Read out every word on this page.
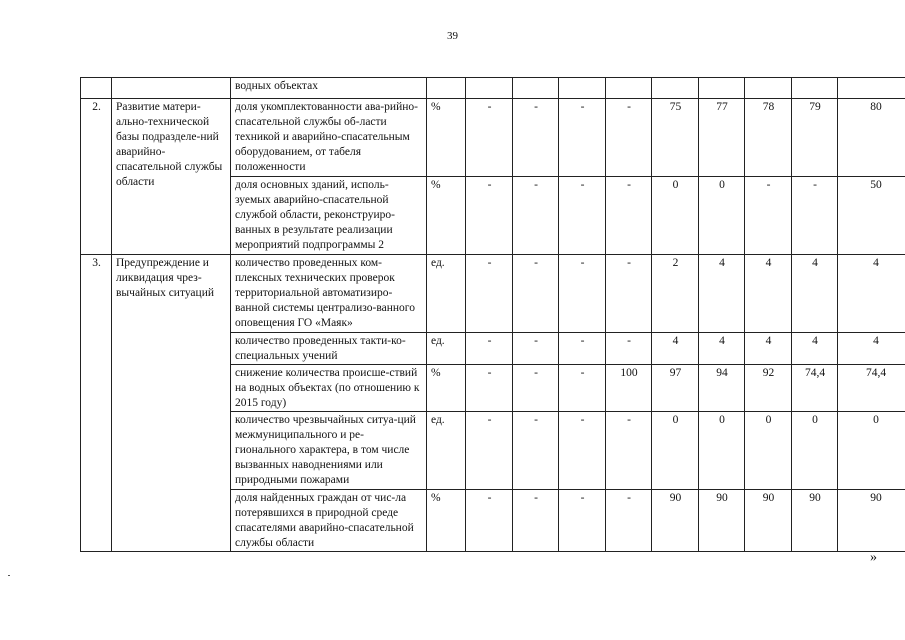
39
		водных объектах										
2.	Развитие матери-ально-технической базы подразделе-ний аварийно-спасательной службы области	доля укомплектованности ава-рийно-спасательной службы об-ласти техникой и аварийно-спасательным оборудованием, от табеля положенности	%	-	-	-	-	75	77	78	79	80
		доля основных зданий, исполь-зуемых аварийно-спасательной службой области, реконструиро-ванных в результате реализации мероприятий подпрограммы 2	%	-	-	-	-	0	0	-	-	50
3.	Предупреждение и ликвидация чрез-вычайных ситуаций	количество проведенных ком-плексных технических проверок территориальной автоматизиро-ванной системы централизо-ванного оповещения ГО «Маяк»	ед.	-	-	-	-	2	4	4	4	4
		количество проведенных такти-ко-специальных учений	ед.	-	-	-	-	4	4	4	4	4
		снижение количества происше-ствий на водных объектах (по отношению к 2015 году)	%	-	-	-	100	97	94	92	74,4	74,4
		количество чрезвычайных ситуа-ций межмуниципального и ре-гионального характера, в том числе вызванных наводнениями или природными пожарами	ед.	-	-	-	-	0	0	0	0	0
		доля найденных граждан от чис-ла потерявшихся в природной среде спасателями аварийно-спасательной службы области	%	-	-	-	-	90	90	90	90	90
»
